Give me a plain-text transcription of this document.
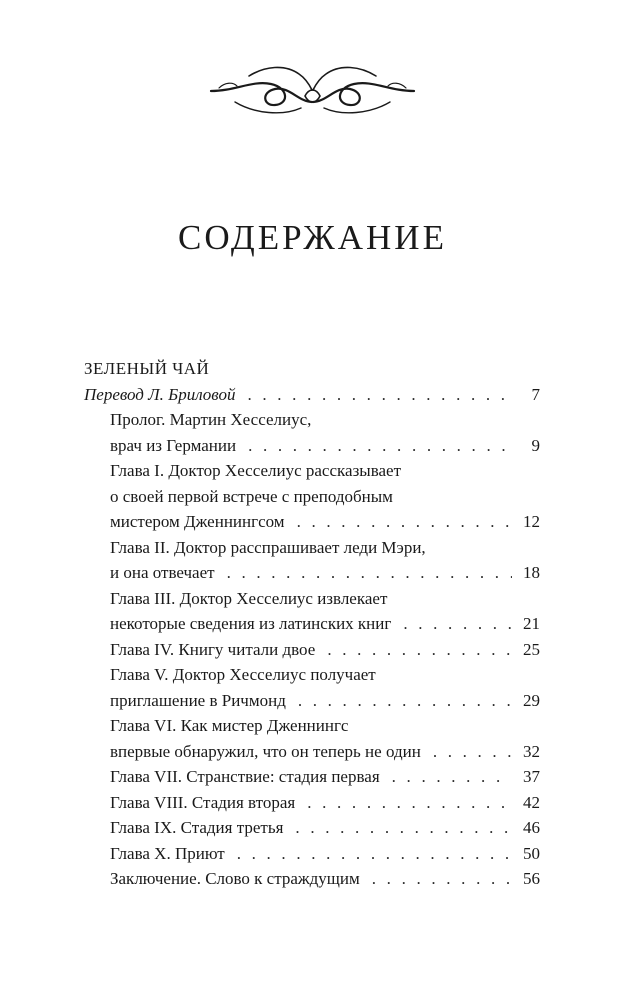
СОДЕРЖАНИЕ
ЗЕЛЕНЫЙ ЧАЙ
Перевод Л. Бриловой . . .	7
Пролог. Мартин Хесселиус,
врач из Германии . . .	9
Глава I. Доктор Хесселиус рассказывает
о своей первой встрече с преподобным
мистером Дженнингсом . . .	12
Глава II. Доктор расспрашивает леди Мэри,
и она отвечает . . .	18
Глава III. Доктор Хесселиус извлекает
некоторые сведения из латинских книг . . .	21
Глава IV. Книгу читали двое . . .	25
Глава V. Доктор Хесселиус получает
приглашение в Ричмонд . . .	29
Глава VI. Как мистер Дженнингс
впервые обнаружил, что он теперь не один . . .	32
Глава VII. Странствие: стадия первая . . .	37
Глава VIII. Стадия вторая . . .	42
Глава IX. Стадия третья . . .	46
Глава X. Приют . . .	50
Заключение. Слово к страждущим . . .	56
